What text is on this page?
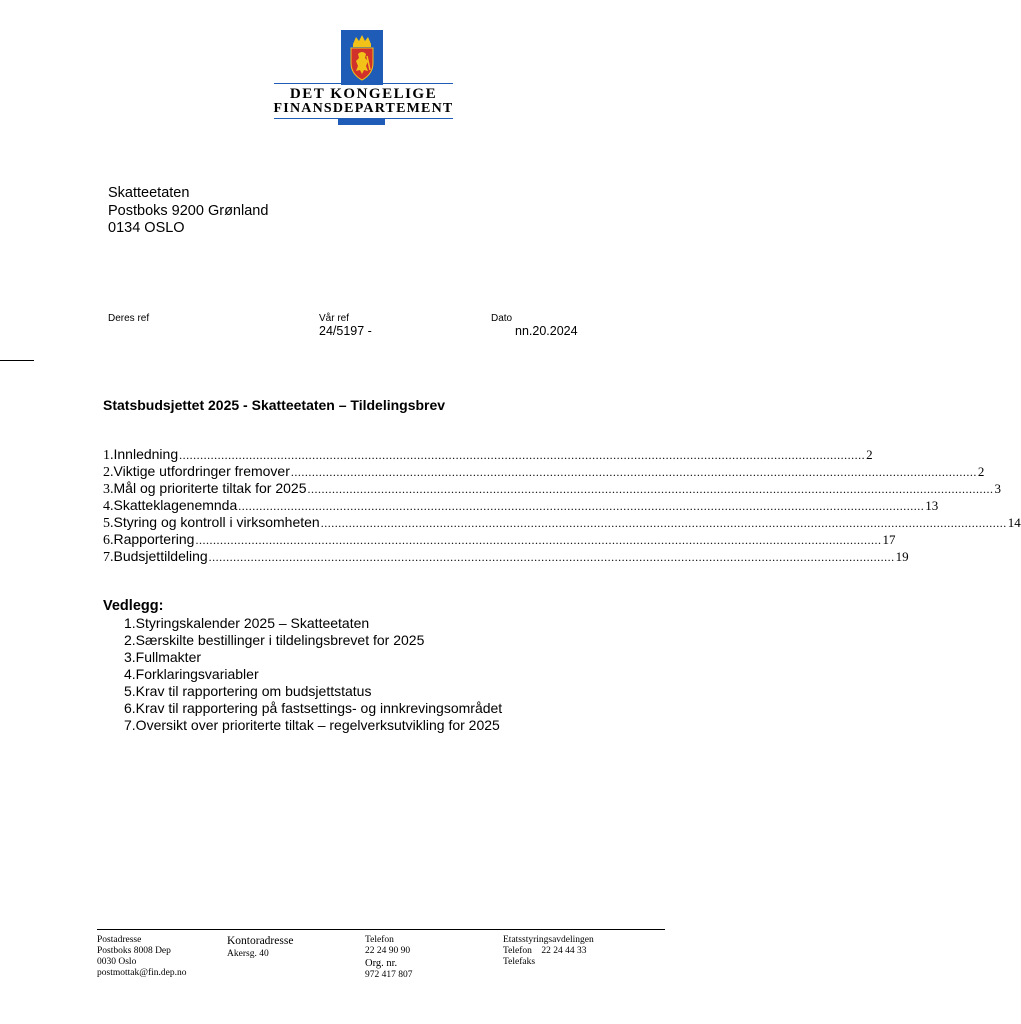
DET KONGELIGE
FINANSDEPARTEMENT
Skatteetaten
Postboks 9200 Grønland
0134 OSLO
Deres ref	Vår ref
24/5197 -
Dato
nn.20.2024
Statsbudsjettet 2025 - Skatteetaten – Tildelingsbrev
1. Innledning .................................................................................................................................................................................................... 2
2. Viktige utfordringer fremover .................................................................................................................................................................................................... 2
3. Mål og prioriterte tiltak for 2025 .................................................................................................................................................................................................... 3
4. Skatteklagenemnda .................................................................................................................................................................................................... 13
5. Styring og kontroll i virksomheten .................................................................................................................................................................................................... 14
6. Rapportering .................................................................................................................................................................................................... 17
7. Budsjettildeling .................................................................................................................................................................................................... 19
Vedlegg:
1.Styringskalender 2025 – Skatteetaten
2.Særskilte bestillinger i tildelingsbrevet for 2025
3.Fullmakter
4.Forklaringsvariabler
5.Krav til rapportering om budsjettstatus
6.Krav til rapportering på fastsettings- og innkrevingsområdet
7.Oversikt over prioriterte tiltak – regelverksutvikling for 2025
Postadresse
Postboks 8008 Dep
0030 Oslo
postmottak@fin.dep.no
Kontoradresse
Akersg. 40
Telefon
22 24 90 90
Org. nr.
972 417 807
Etatsstyringsavdelingen
Telefon    22 24 44 33
Telefaks
